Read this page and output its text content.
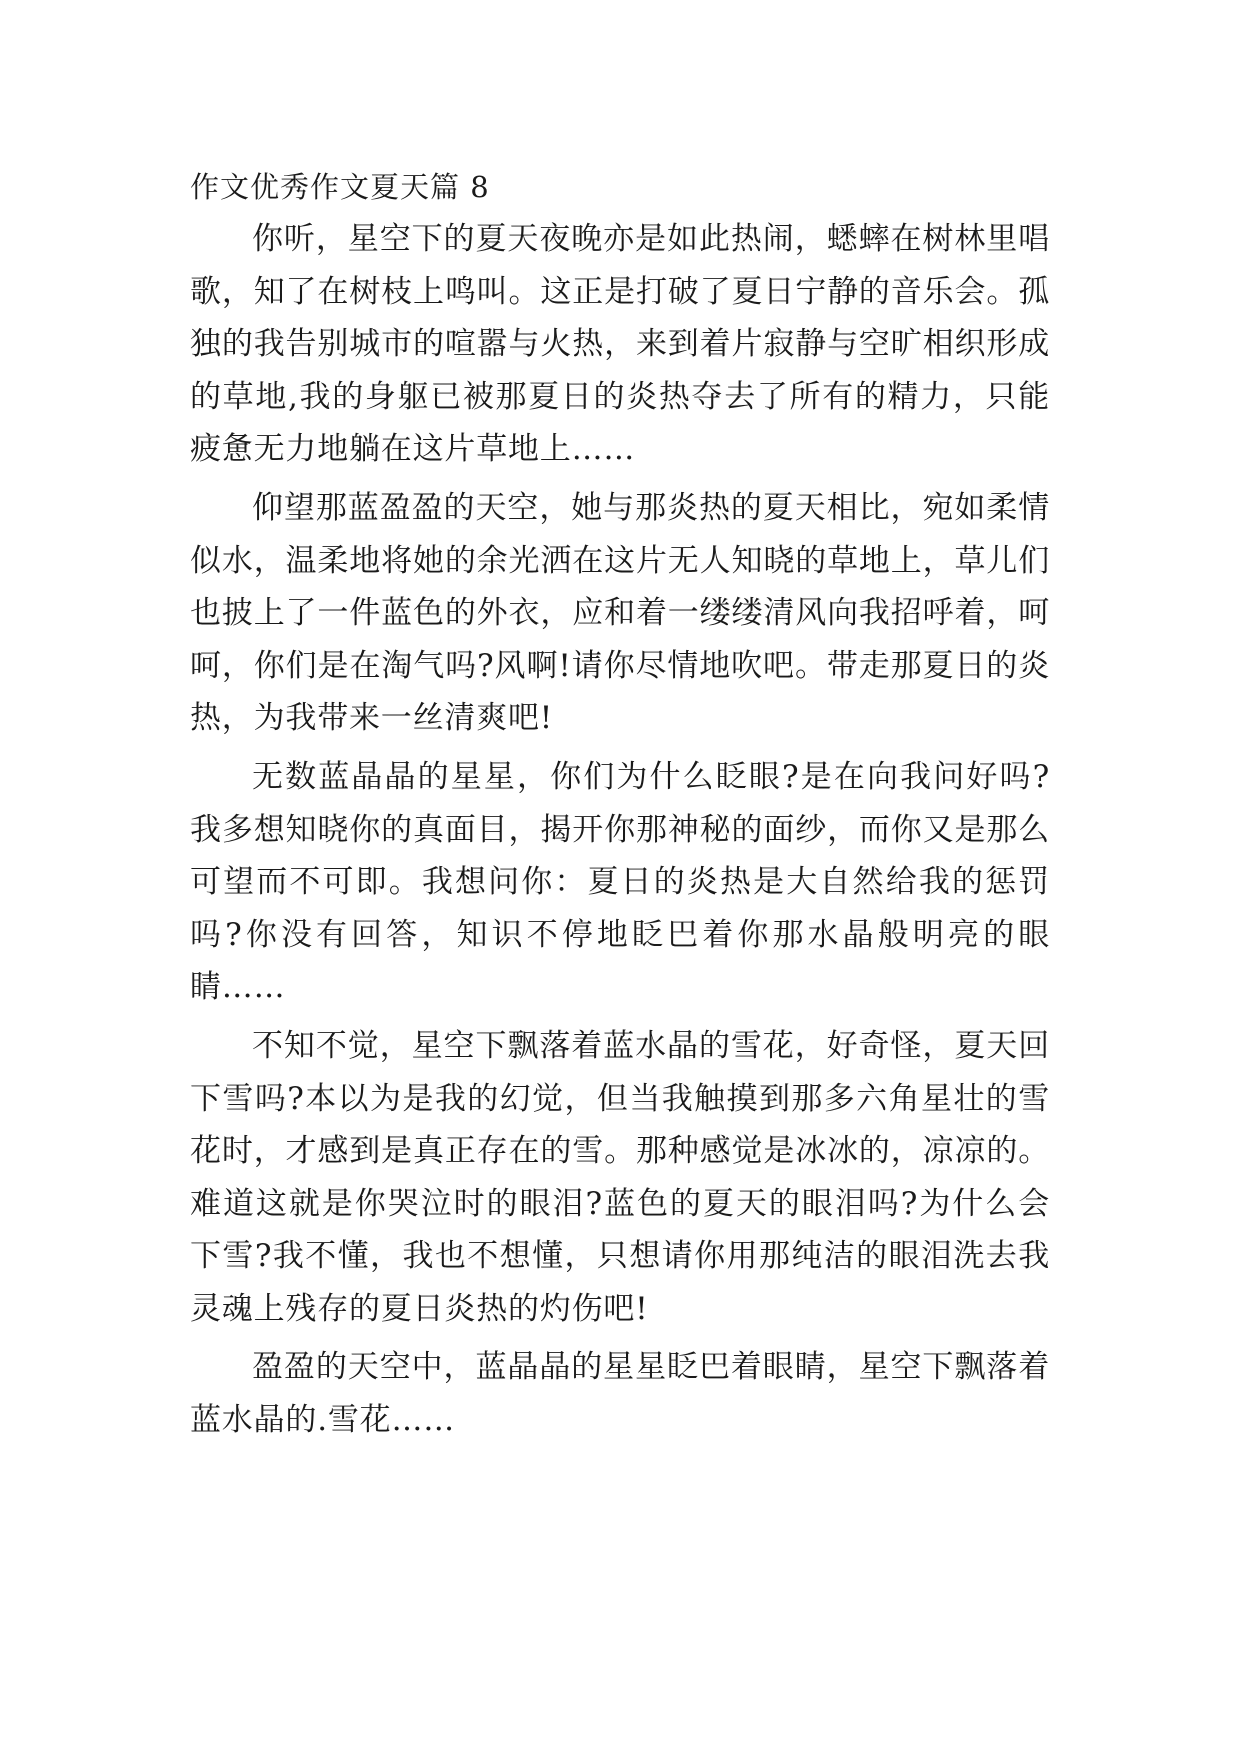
作文优秀作文夏天篇 8

你听，星空下的夏天夜晚亦是如此热闹，蟋蟀在树林里唱歌，知了在树枝上鸣叫。这正是打破了夏日宁静的音乐会。孤独的我告别城市的喧嚣与火热，来到着片寂静与空旷相织形成的草地,我的身躯已被那夏日的炎热夺去了所有的精力，只能疲惫无力地躺在这片草地上……

仰望那蓝盈盈的天空，她与那炎热的夏天相比，宛如柔情似水，温柔地将她的余光洒在这片无人知晓的草地上，草儿们也披上了一件蓝色的外衣，应和着一缕缕清风向我招呼着，呵呵，你们是在淘气吗?风啊!请你尽情地吹吧。带走那夏日的炎热，为我带来一丝清爽吧!

无数蓝晶晶的星星，你们为什么眨眼?是在向我问好吗?我多想知晓你的真面目，揭开你那神秘的面纱，而你又是那么可望而不可即。我想问你：夏日的炎热是大自然给我的惩罚吗?你没有回答，知识不停地眨巴着你那水晶般明亮的眼睛……

不知不觉，星空下飘落着蓝水晶的雪花，好奇怪，夏天回下雪吗?本以为是我的幻觉，但当我触摸到那多六角星壮的雪花时，才感到是真正存在的雪。那种感觉是冰冰的，凉凉的。难道这就是你哭泣时的眼泪?蓝色的夏天的眼泪吗?为什么会下雪?我不懂，我也不想懂，只想请你用那纯洁的眼泪洗去我灵魂上残存的夏日炎热的灼伤吧!

盈盈的天空中，蓝晶晶的星星眨巴着眼睛，星空下飘落着蓝水晶的.雪花……
